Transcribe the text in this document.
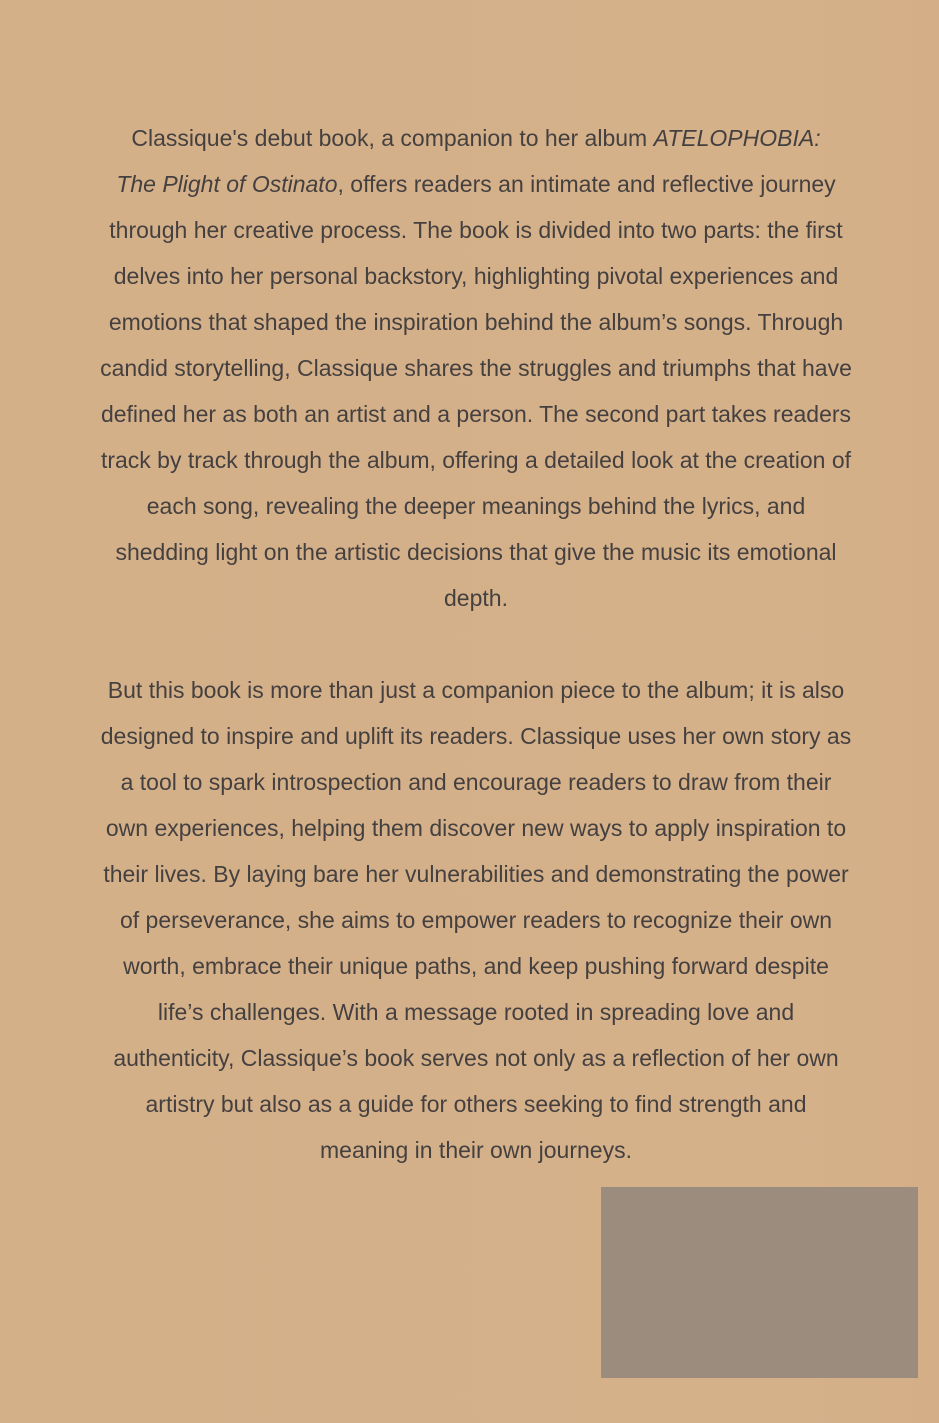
Classique's debut book, a companion to her album ATELOPHOBIA:
The Plight of Ostinato, offers readers an intimate and reflective journey through her creative process. The book is divided into two parts: the first delves into her personal backstory, highlighting pivotal experiences and emotions that shaped the inspiration behind the album’s songs. Through candid storytelling, Classique shares the struggles and triumphs that have defined her as both an artist and a person. The second part takes readers track by track through the album, offering a detailed look at the creation of each song, revealing the deeper meanings behind the lyrics, and shedding light on the artistic decisions that give the music its emotional depth.

But this book is more than just a companion piece to the album; it is also designed to inspire and uplift its readers. Classique uses her own story as a tool to spark introspection and encourage readers to draw from their own experiences, helping them discover new ways to apply inspiration to their lives. By laying bare her vulnerabilities and demonstrating the power of perseverance, she aims to empower readers to recognize their own worth, embrace their unique paths, and keep pushing forward despite life’s challenges. With a message rooted in spreading love and authenticity, Classique’s book serves not only as a reflection of her own artistry but also as a guide for others seeking to find strength and meaning in their own journeys.
